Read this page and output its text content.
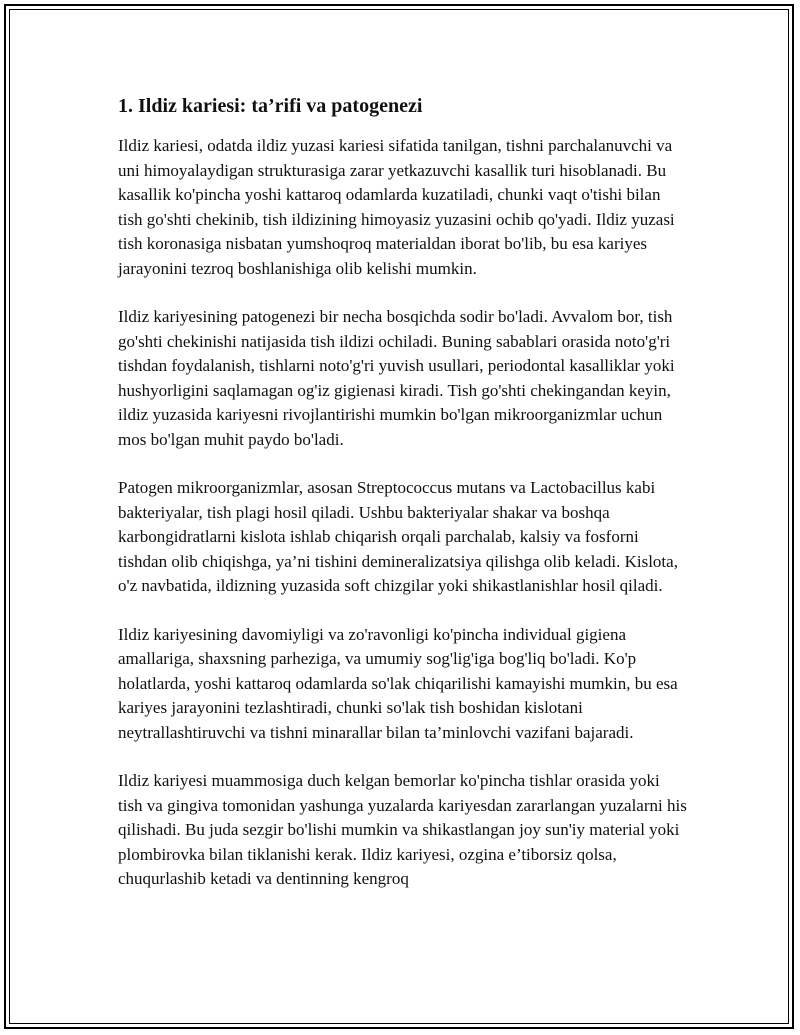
1. Ildiz kariesi: ta’rifi va patogenezi

Ildiz kariesi, odatda ildiz yuzasi kariesi sifatida tanilgan, tishni parchalanuvchi va uni himoyalaydigan strukturasiga zarar yetkazuvchi kasallik turi hisoblanadi. Bu kasallik ko'pincha yoshi kattaroq odamlarda kuzatiladi, chunki vaqt o'tishi bilan tish go'shti chekinib, tish ildizining himoyasiz yuzasini ochib qo'yadi. Ildiz yuzasi tish koronasiga nisbatan yumshoqroq materialdan iborat bo'lib, bu esa kariyes jarayonini tezroq boshlanishiga olib kelishi mumkin.

Ildiz kariyesining patogenezi bir necha bosqichda sodir bo'ladi. Avvalom bor, tish go'shti chekinishi natijasida tish ildizi ochiladi. Buning sabablari orasida noto'g'ri tishdan foydalanish, tishlarni noto'g'ri yuvish usullari, periodontal kasalliklar yoki hushyorligini saqlamagan og'iz gigienasi kiradi. Tish go'shti chekingandan keyin, ildiz yuzasida kariyesni rivojlantirishi mumkin bo'lgan mikroorganizmlar uchun mos bo'lgan muhit paydo bo'ladi.

Patogen mikroorganizmlar, asosan Streptococcus mutans va Lactobacillus kabi bakteriyalar, tish plagi hosil qiladi. Ushbu bakteriyalar shakar va boshqa karbongidratlarni kislota ishlab chiqarish orqali parchalab, kalsiy va fosforni tishdan olib chiqishga, ya’ni tishini demineralizatsiya qilishga olib keladi. Kislota, o'z navbatida, ildizning yuzasida soft chizgilar yoki shikastlanishlar hosil qiladi.

Ildiz kariyesining davomiyligi va zo'ravonligi ko'pincha individual gigiena amallariga, shaxsning parheziga, va umumiy sog'lig'iga bog'liq bo'ladi. Ko'p holatlarda, yoshi kattaroq odamlarda so'lak chiqarilishi kamayishi mumkin, bu esa kariyes jarayonini tezlashtiradi, chunki so'lak tish boshidan kislotani neytrallashtiruvchi va tishni minarallar bilan ta’minlovchi vazifani bajaradi.

Ildiz kariyesi muammosiga duch kelgan bemorlar ko'pincha tishlar orasida yoki tish va gingiva tomonidan yashunga yuzalarda kariyesdan zararlangan yuzalarni his qilishadi. Bu juda sezgir bo'lishi mumkin va shikastlangan joy sun'iy material yoki plombirovka bilan tiklanishi kerak. Ildiz kariyesi, ozgina e’tiborsiz qolsa, chuqurlashib ketadi va dentinning kengroq
